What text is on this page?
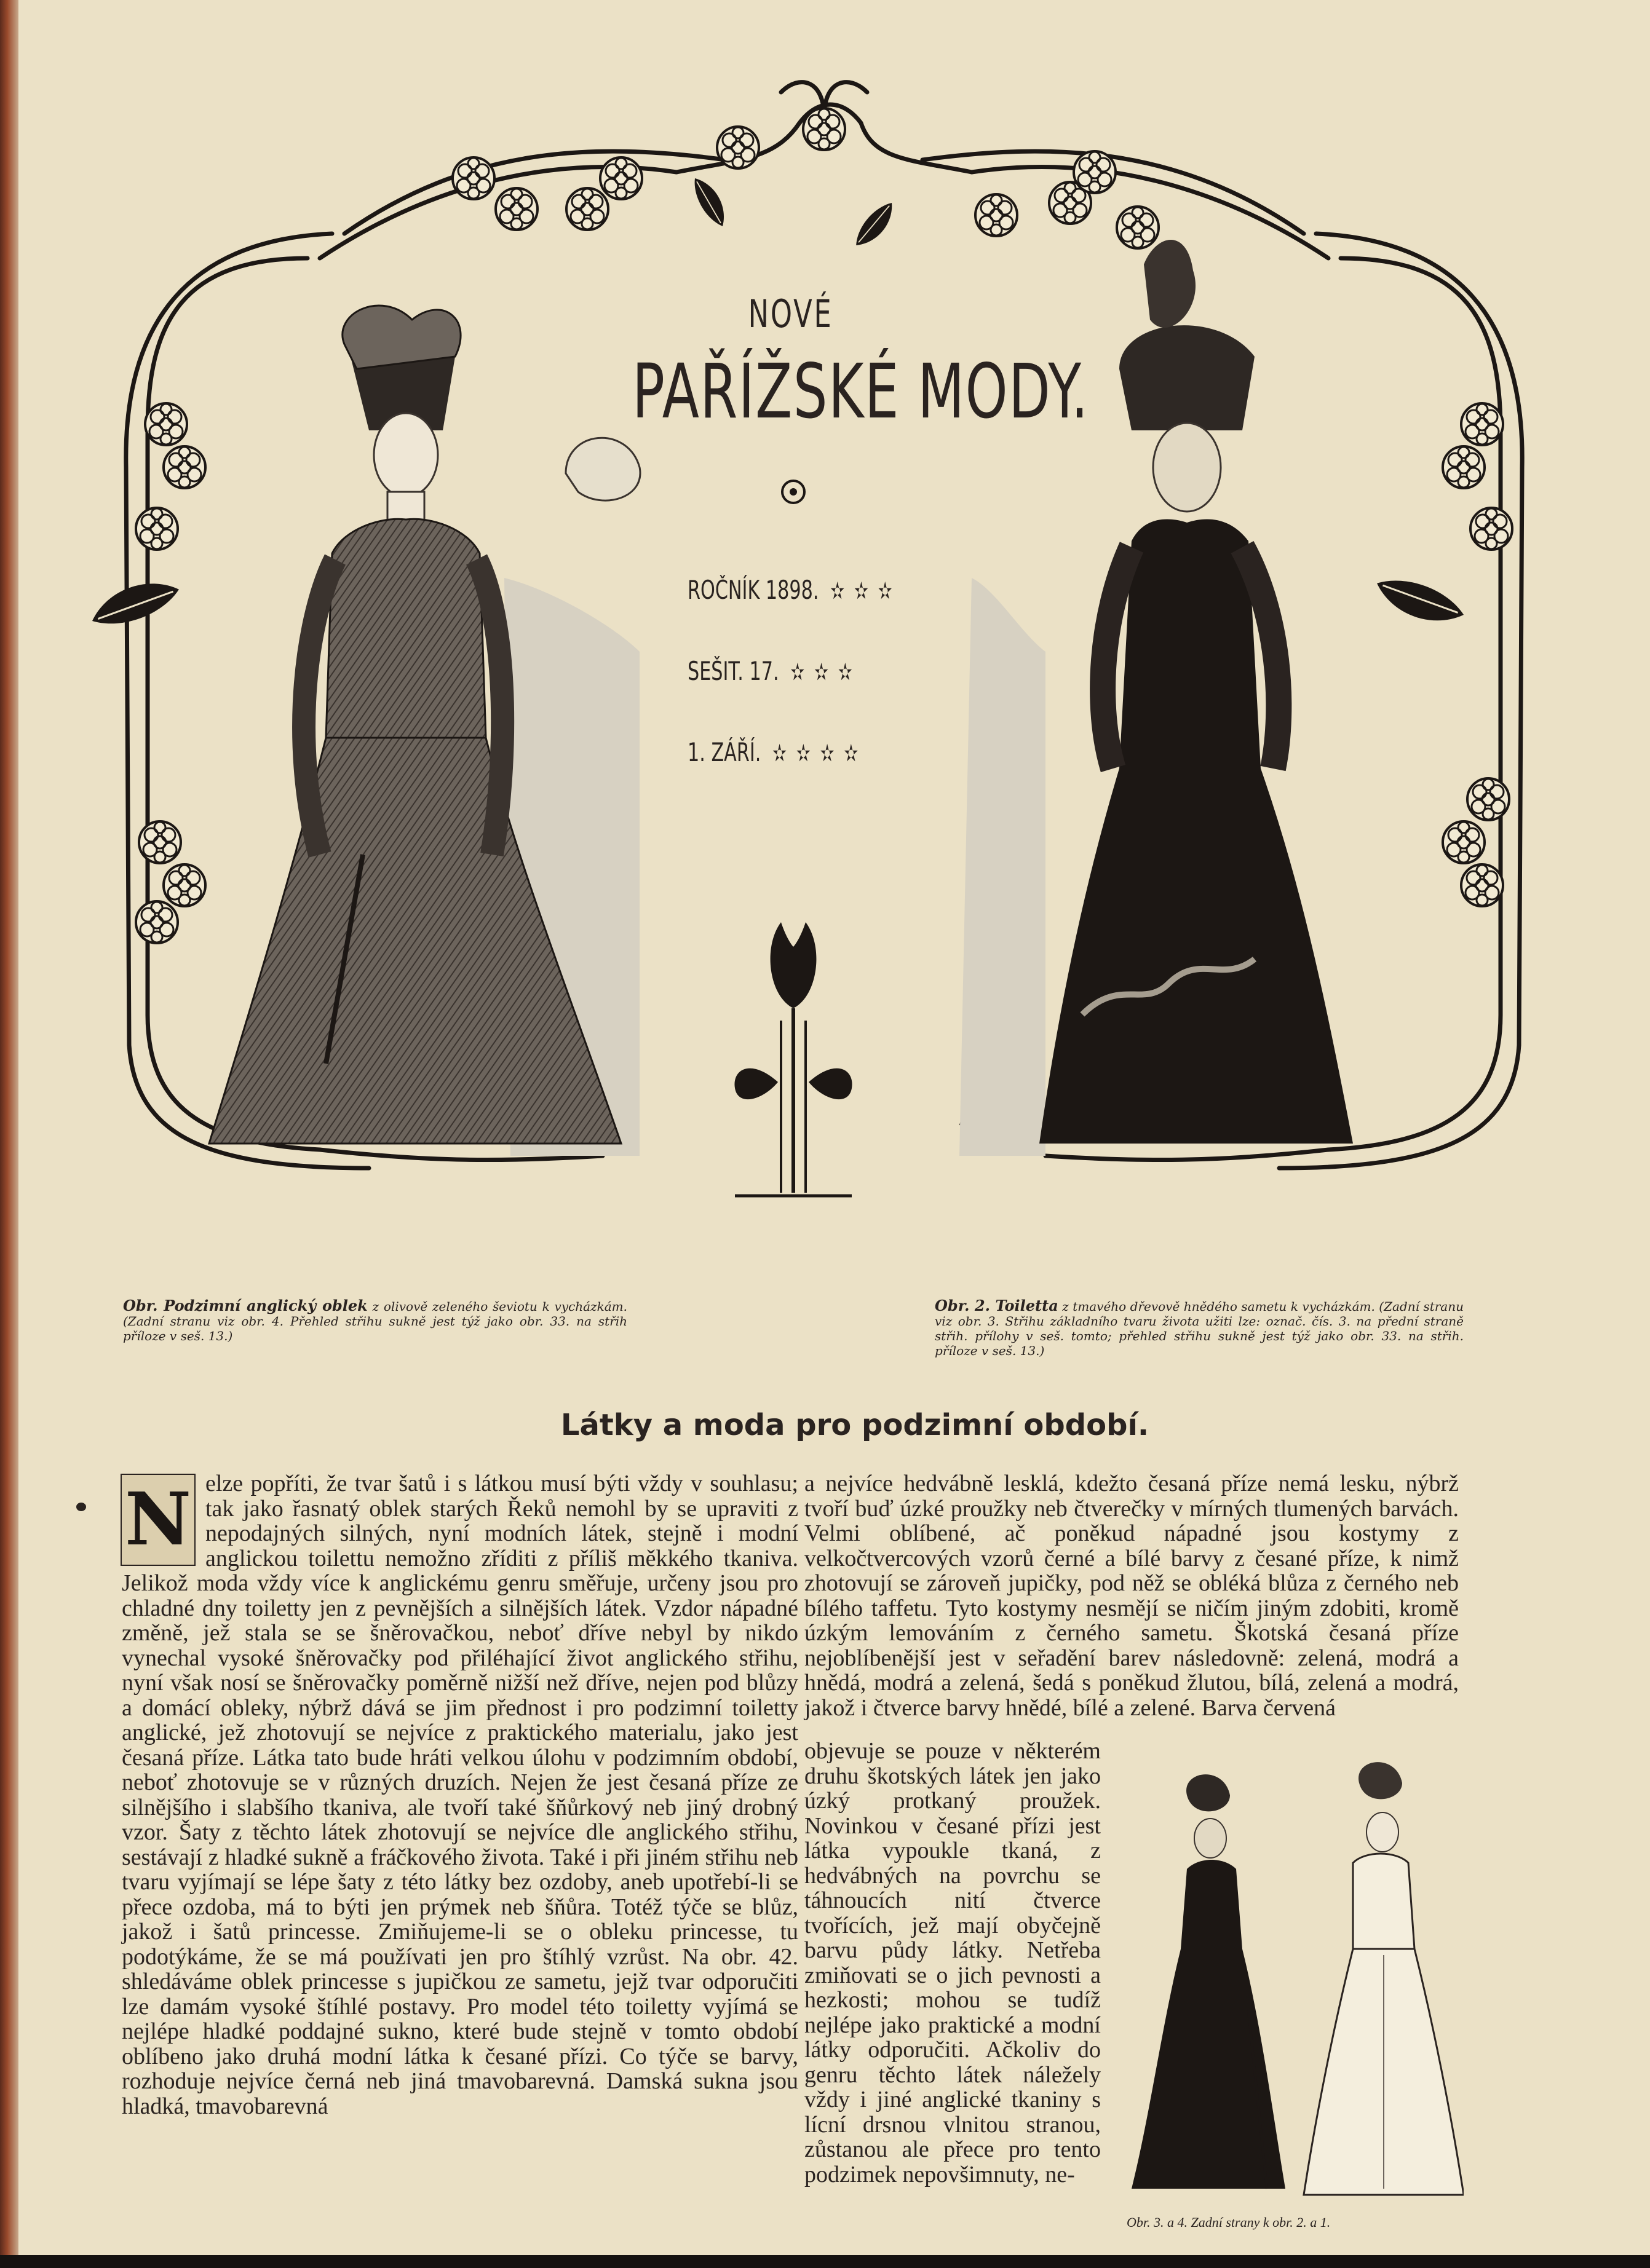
NOVÉ
PAŘÍŽSKÉ MODY.
ROČNÍK 1898. ✫✫✫
SEŠIT. 17. ✫✫✫
1. ZÁŘÍ. ✫✫✫✫
Obr. Podzimní anglický oblek z olivově zeleného ševiotu k vycházkám. (Zadní stranu viz obr. 4. Přehled střihu sukně jest týž jako obr. 33. na střih příloze v seš. 13.)
Obr. 2. Toiletta z tmavého dřevově hnědého sametu k vycházkám. (Zadní stranu viz obr. 3. Střihu základního tvaru života užiti lze: označ. čís. 3. na přední straně střih. přílohy v seš. tomto; přehled střihu sukně jest týž jako obr. 33. na střih. příloze v seš. 13.)
Látky a moda pro podzimní období.
N elze popříti, že tvar šatů i s látkou musí býti vždy v souhlasu; tak jako řasnatý oblek starých Řeků nemohl by se upraviti z nepodajných silných, nyní modních látek, stejně i modní anglickou toilettu nemožno zříditi z příliš měkkého tkaniva. Jelikož moda vždy více k anglickému genru směřuje, určeny jsou pro chladné dny toiletty jen z pevnějších a silnějších látek. Vzdor nápadné změně, jež stala se se šněrovačkou, neboť dříve nebyl by nikdo vynechal vysoké šněrovačky pod přiléhající život anglického střihu, nyní však nosí se šněrovačky poměrně nižší než dříve, nejen pod blůzy a domácí obleky, nýbrž dává se jim přednost i pro podzimní toiletty anglické, jež zhotovují se nejvíce z praktického materialu, jako jest česaná příze. Látka tato bude hráti velkou úlohu v podzimním období, neboť zhotovuje se v různých druzích. Nejen že jest česaná příze ze silnějšího i slabšího tkaniva, ale tvoří také šňůrkový neb jiný drobný vzor. Šaty z těchto látek zhotovují se nejvíce dle anglického střihu, sestávají z hladké sukně a fráčkového života. Také i při jiném střihu neb tvaru vyjímají se lépe šaty z této látky bez ozdoby, aneb upotřebí-li se přece ozdoba, má to býti jen prýmek neb šňůra. Totéž týče se blůz, jakož i šatů princesse. Zmiňujeme-li se o obleku princesse, tu podotýkáme, že se má používati jen pro štíhlý vzrůst. Na obr. 42. shledáváme oblek princesse s jupičkou ze sametu, jejž tvar odporučiti lze damám vysoké štíhlé postavy. Pro model této toiletty vyjímá se nejlépe hladké poddajné sukno, které bude stejně v tomto období oblíbeno jako druhá modní látka k česané přízi. Co týče se barvy, rozhoduje nejvíce černá neb jiná tmavobarevná. Damská sukna jsou hladká, tmavobarevná

a nejvíce hedvábně lesklá, kdežto česaná příze nemá lesku, nýbrž tvoří buď úzké proužky neb čtverečky v mírných tlumených barvách. Velmi oblíbené, ač poněkud nápadné jsou kostymy z velkočtvercových vzorů černé a bílé barvy z česané příze, k nimž zhotovují se zároveň jupičky, pod něž se obléká blůza z černého neb bílého taffetu. Tyto kostymy nesmějí se ničím jiným zdobiti, kromě úzkým lemováním z černého sametu. Škotská česaná příze nejoblíbenější jest v seřadění barev následovně: zelená, modrá a hnědá, modrá a zelená, šedá s poněkud žlutou, bílá, zelená a modrá, jakož i čtverce barvy hnědé, bílé a zelené. Barva červená

objevuje se pouze v některém druhu škotských látek jen jako úzký protkaný proužek. Novinkou v česané přízi jest látka vypoukle tkaná, z hedvábných na povrchu se táhnoucích nití čtverce tvořících, jež mají obyčejně barvu půdy látky. Netřeba zmiňovati se o jich pevnosti a hezkosti; mohou se tudíž nejlépe jako praktické a modní látky odporučiti. Ačkoliv do genru těchto látek náležely vždy i jiné anglické tkaniny s lícní drsnou vlnitou stranou, zůstanou ale přece pro tento podzimek nepovšimnuty, ne-

Obr. 3. a 4. Zadní strany k obr. 2. a 1.
